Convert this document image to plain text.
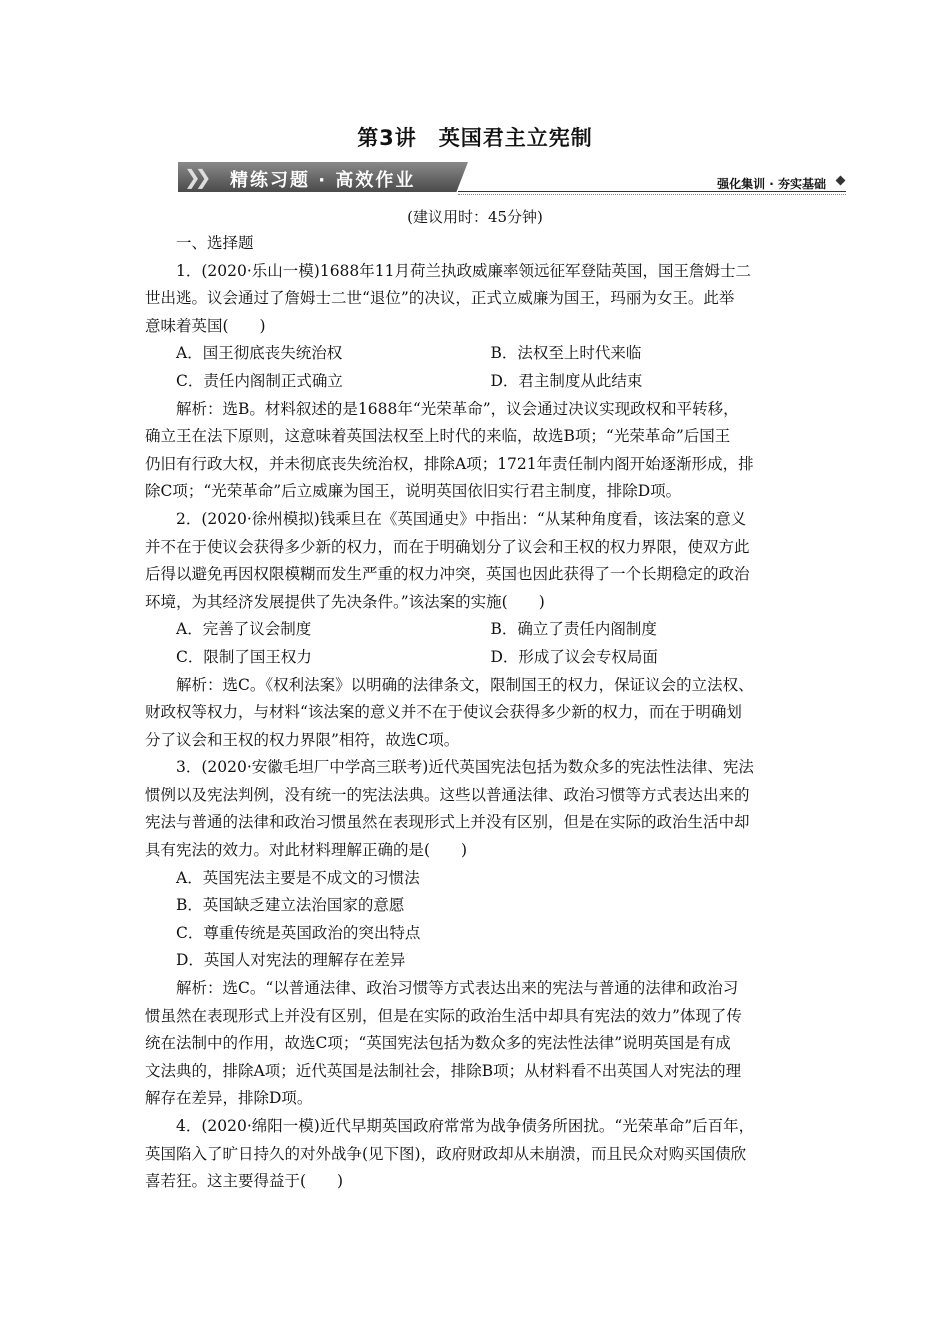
第3讲　英国君主立宪制
❯❯ 精练习题 · 高效作业	强化集训 · 夯实基础
(建议用时：45分钟)

一、选择题

1．(2020·乐山一模)1688年11月荷兰执政威廉率领远征军登陆英国，国王詹姆士二

世出逃。议会通过了詹姆士二世“退位”的决议，正式立威廉为国王，玛丽为女王。此举

意味着英国(　　)

A．国王彻底丧失统治权	B．法权至上时代来临
C．责任内阁制正式确立	D．君主制度从此结束

解析：选B。材料叙述的是1688年“光荣革命”，议会通过决议实现政权和平转移，

确立王在法下原则，这意味着英国法权至上时代的来临，故选B项；“光荣革命”后国王

仍旧有行政大权，并未彻底丧失统治权，排除A项；1721年责任制内阁开始逐渐形成，排

除C项；“光荣革命”后立威廉为国王，说明英国依旧实行君主制度，排除D项。

2．(2020·徐州模拟)钱乘旦在《英国通史》中指出：“从某种角度看，该法案的意义

并不在于使议会获得多少新的权力，而在于明确划分了议会和王权的权力界限，使双方此

后得以避免再因权限模糊而发生严重的权力冲突，英国也因此获得了一个长期稳定的政治

环境，为其经济发展提供了先决条件。”该法案的实施(　　)

A．完善了议会制度	B．确立了责任内阁制度
C．限制了国王权力	D．形成了议会专权局面

解析：选C。《权利法案》以明确的法律条文，限制国王的权力，保证议会的立法权、

财政权等权力，与材料“该法案的意义并不在于使议会获得多少新的权力，而在于明确划

分了议会和王权的权力界限”相符，故选C项。

3．(2020·安徽毛坦厂中学高三联考)近代英国宪法包括为数众多的宪法性法律、宪法

惯例以及宪法判例，没有统一的宪法法典。这些以普通法律、政治习惯等方式表达出来的

宪法与普通的法律和政治习惯虽然在表现形式上并没有区别，但是在实际的政治生活中却

具有宪法的效力。对此材料理解正确的是(　　)

A．英国宪法主要是不成文的习惯法

B．英国缺乏建立法治国家的意愿

C．尊重传统是英国政治的突出特点

D．英国人对宪法的理解存在差异

解析：选C。“以普通法律、政治习惯等方式表达出来的宪法与普通的法律和政治习

惯虽然在表现形式上并没有区别，但是在实际的政治生活中却具有宪法的效力”体现了传

统在法制中的作用，故选C项；“英国宪法包括为数众多的宪法性法律”说明英国是有成

文法典的，排除A项；近代英国是法制社会，排除B项；从材料看不出英国人对宪法的理

解存在差异，排除D项。

4．(2020·绵阳一模)近代早期英国政府常常为战争债务所困扰。“光荣革命”后百年，

英国陷入了旷日持久的对外战争(见下图)，政府财政却从未崩溃，而且民众对购买国债欣

喜若狂。这主要得益于(　　)
